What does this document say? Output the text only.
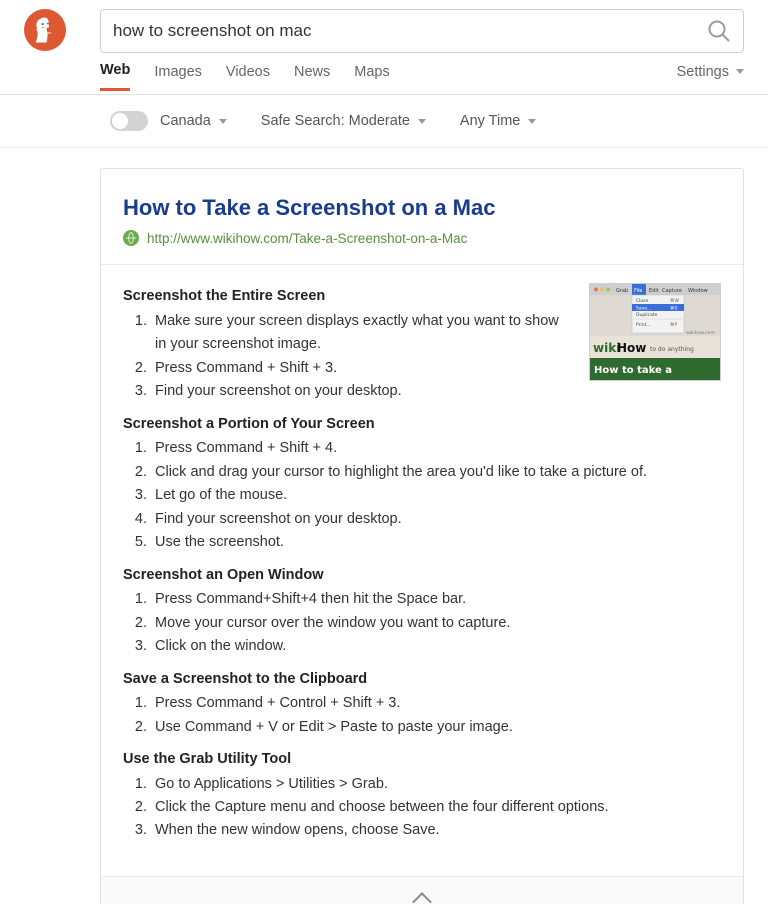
how to screenshot on mac
Web Images Videos News Maps	Settings
Canada	Safe Search: Moderate	Any Time
How to Take a Screenshot on a Mac
http://www.wikihow.com/Take-a-Screenshot-on-a-Mac
Grab File Edit Capture Window
Close	⌘W
Save...	⌘S
Duplicate
Print...	⌘P
wiki
How to do anything
wikihow.com
How to take a
Screenshot the Entire Screen
1. Make sure your screen displays exactly what you want to show in your screenshot image.
2. Press Command + Shift + 3.
3. Find your screenshot on your desktop.
Screenshot a Portion of Your Screen
1. Press Command + Shift + 4.
2. Click and drag your cursor to highlight the area you'd like to take a picture of.
3. Let go of the mouse.
4. Find your screenshot on your desktop.
5. Use the screenshot.
Screenshot an Open Window
1. Press Command+Shift+4 then hit the Space bar.
2. Move your cursor over the window you want to capture.
3. Click on the window.
Save a Screenshot to the Clipboard
1. Press Command + Control + Shift + 3.
2. Use Command + V or Edit > Paste to paste your image.
Use the Grab Utility Tool
1. Go to Applications > Utilities > Grab.
2. Click the Capture menu and choose between the four different options.
3. When the new window opens, choose Save.
